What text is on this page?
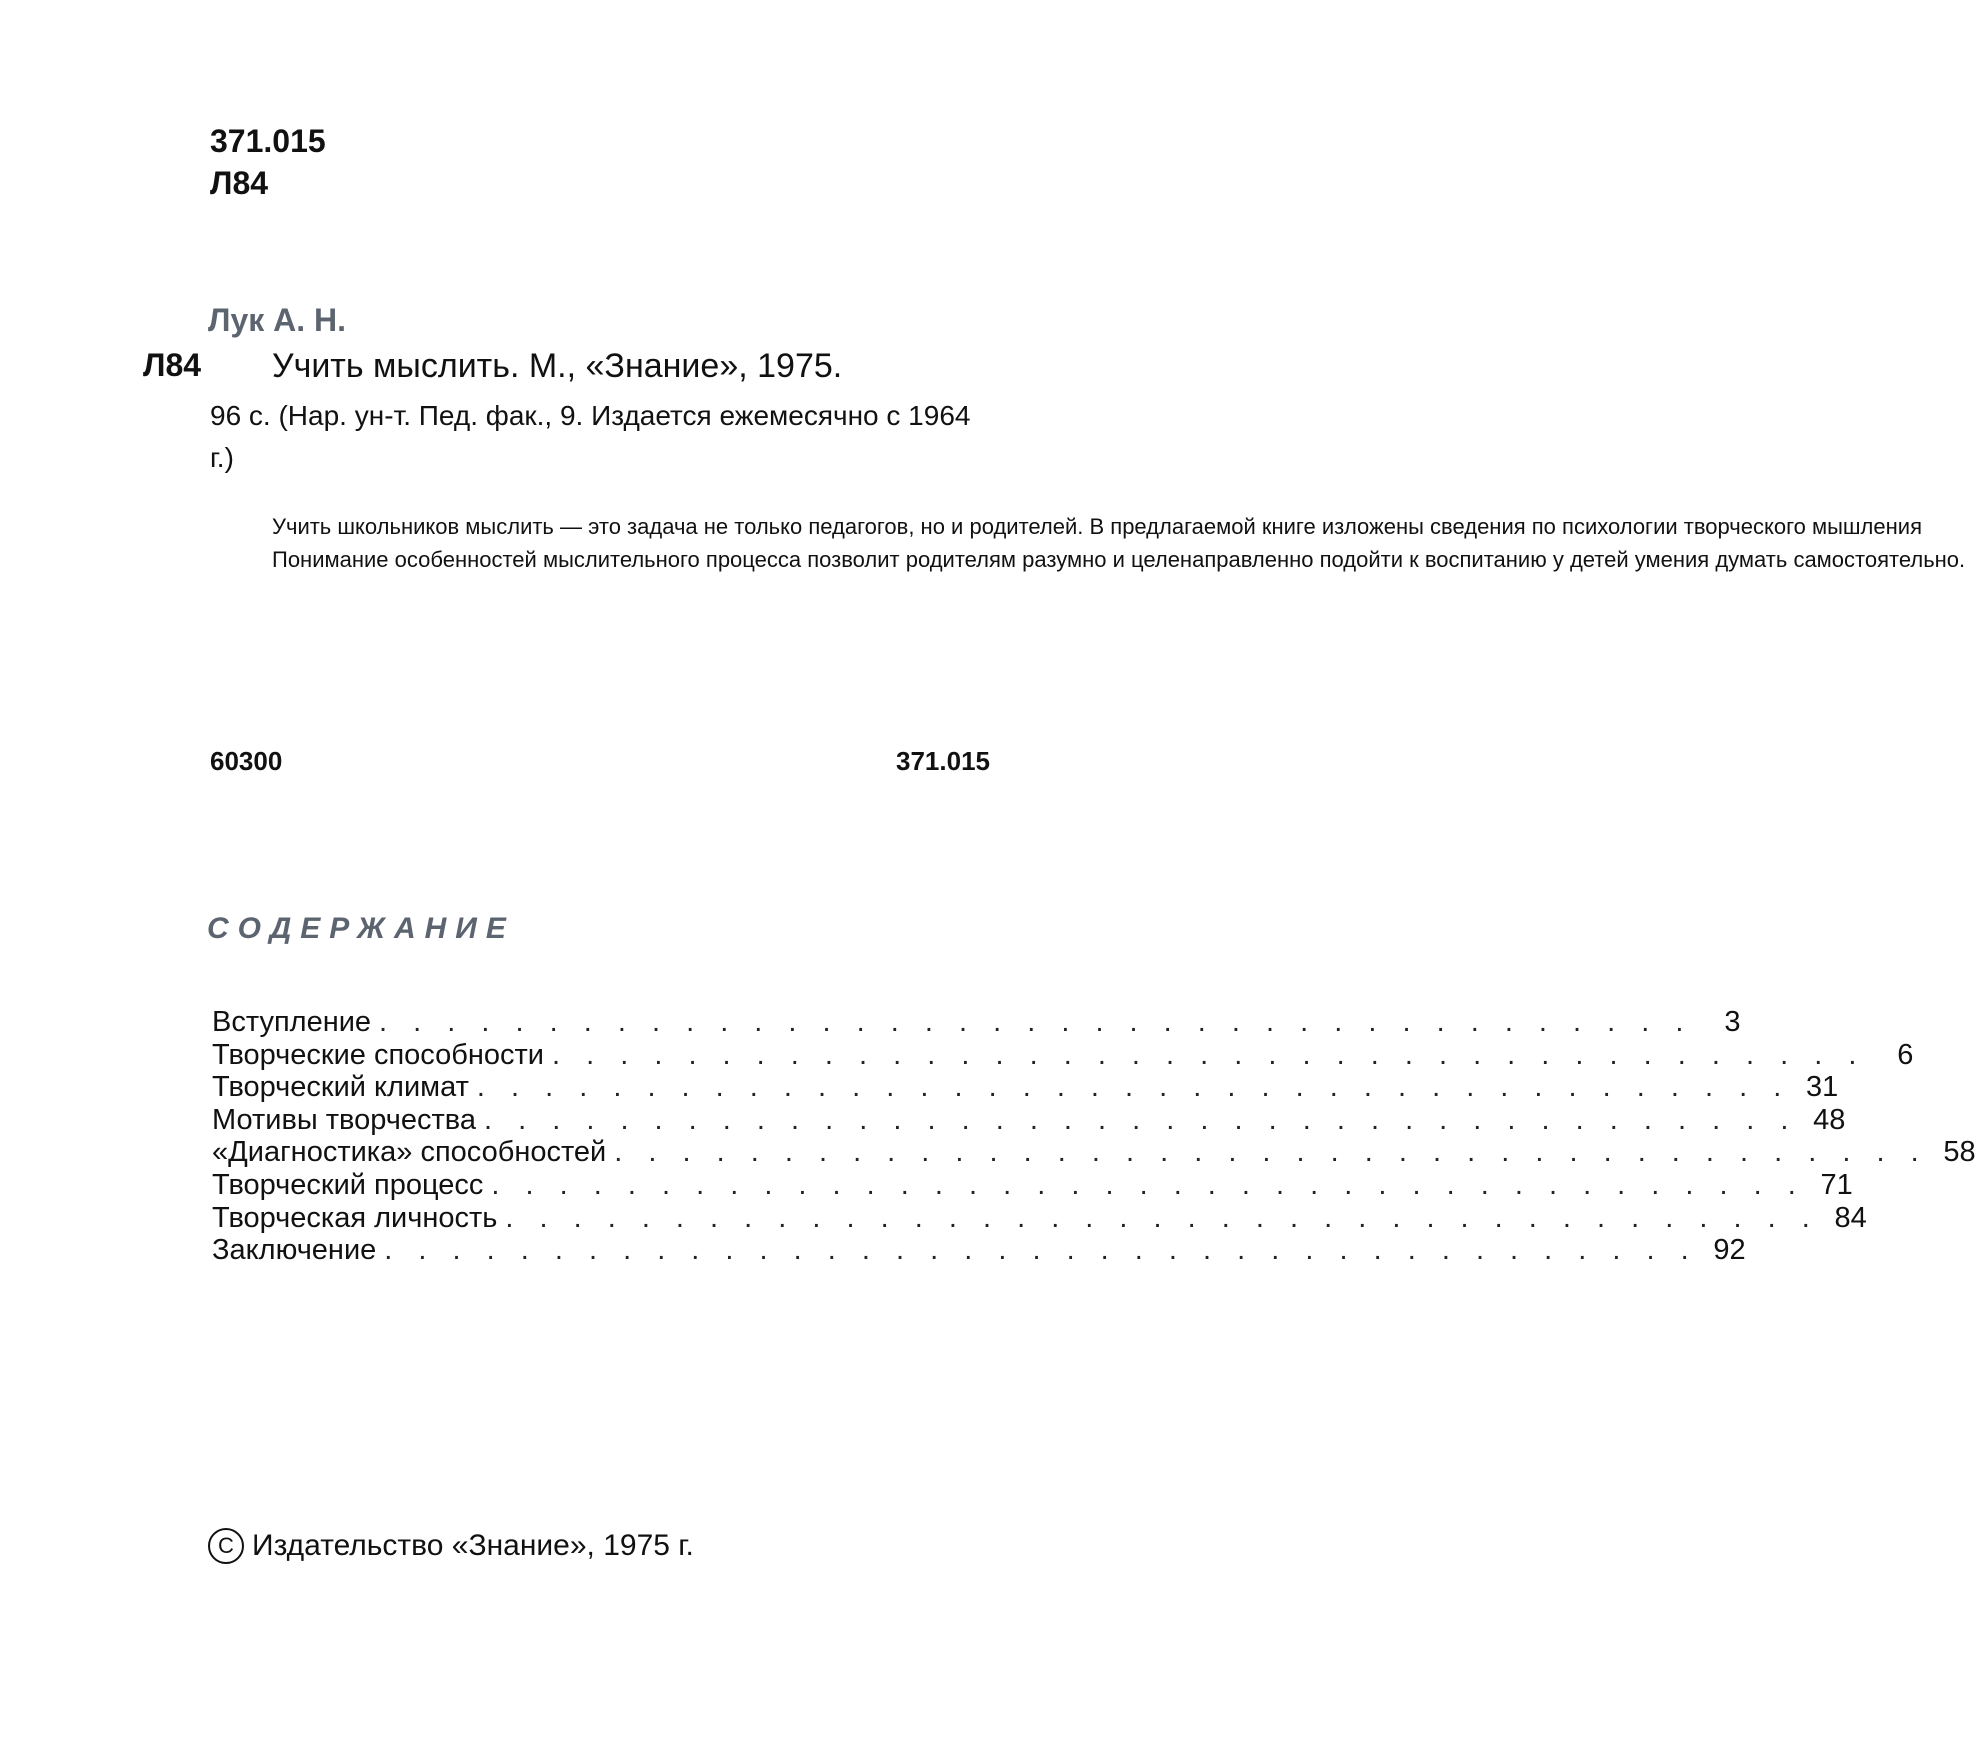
371.015
Л84
Лук А. Н.
Л84 Учить мыслить. М., «Знание», 1975.
96 с. (Нар. ун-т. Пед. фак., 9. Издается ежемесячно с 1964 г.)

Учить школьников мыслить — это задача не только педагогов, но и родителей. В предлагаемой книге изложены сведения по психологии творческого мышления

Понимание особенностей мыслительного процесса позволит родителям разумно и целенаправленно подойти к воспитанию у детей умения думать самостоятельно.

60300	371.015
СОДЕРЖАНИЕ
Вступление . . .	3
Творческие способности . . .	6
Творческий климат . . .	31
Мотивы творчества . . .	48
«Диагностика» способностей . . .	58
Творческий процесс . . .	71
Творческая личность . . .	84
Заключение . . .	92
C Издательство «Знание», 1975 г.
